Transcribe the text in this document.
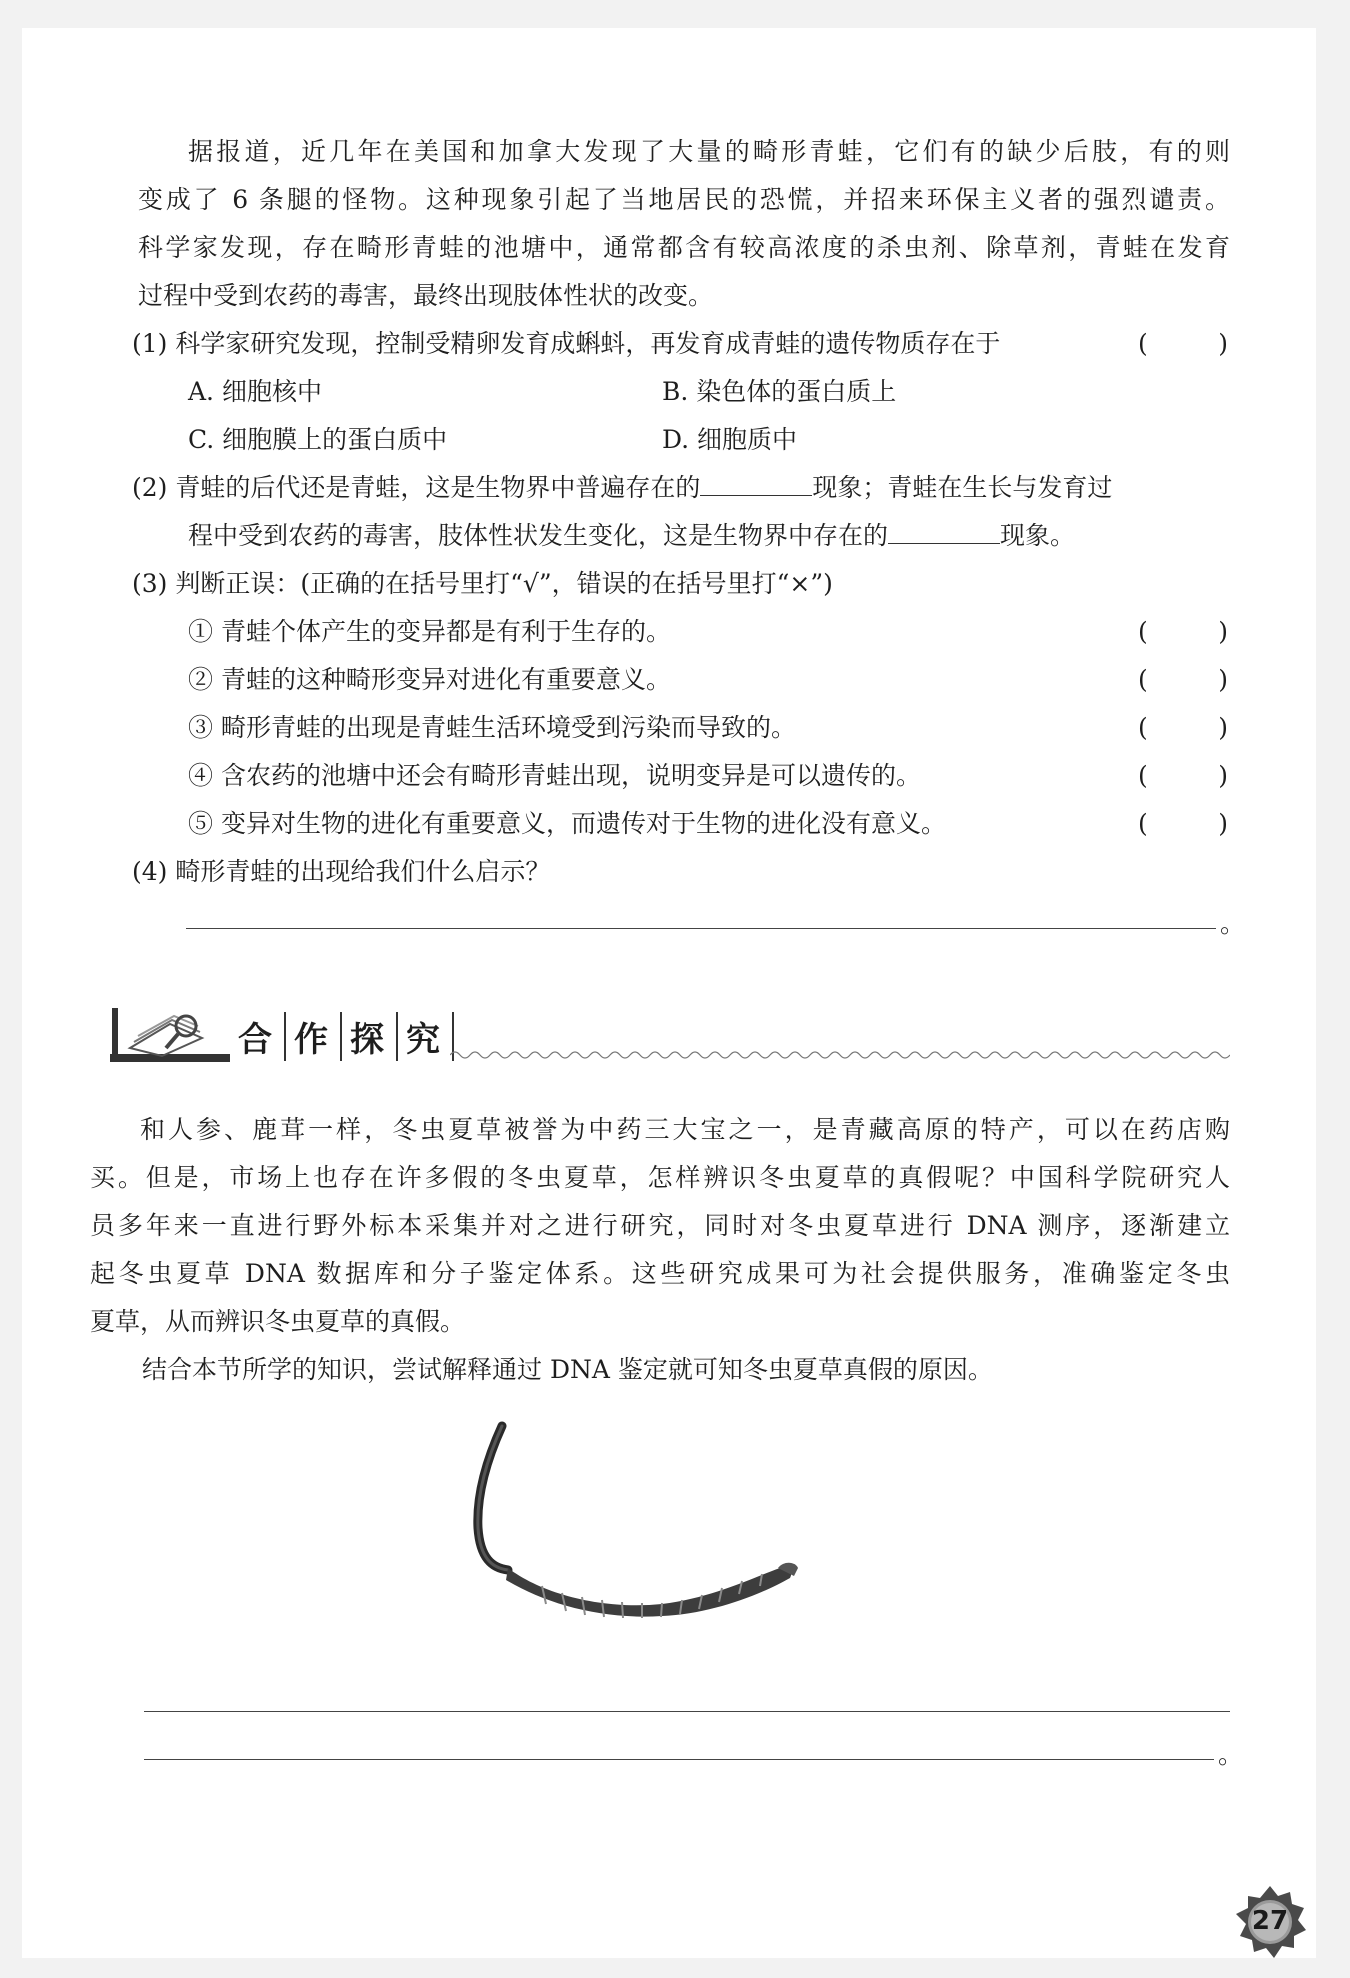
据报道，近几年在美国和加拿大发现了大量的畸形青蛙，它们有的缺少后肢，有的则

变成了 6 条腿的怪物。这种现象引起了当地居民的恐慌，并招来环保主义者的强烈谴责。

科学家发现，存在畸形青蛙的池塘中，通常都含有较高浓度的杀虫剂、除草剂，青蛙在发育

过程中受到农药的毒害，最终出现肢体性状的改变。

(1) 科学家研究发现，控制受精卵发育成蝌蚪，再发育成青蛙的遗传物质存在于	(	)
A. 细胞核中	B. 染色体的蛋白质上
C. 细胞膜上的蛋白质中	D. 细胞质中
(2) 青蛙的后代还是青蛙，这是生物界中普遍存在的	现象；青蛙在生长与发育过
程中受到农药的毒害，肢体性状发生变化，这是生物界中存在的	现象。
(3) 判断正误：(正确的在括号里打“√”，错误的在括号里打“×”)
① 青蛙个体产生的变异都是有利于生存的。	(	)
② 青蛙的这种畸形变异对进化有重要意义。	(	)
③ 畸形青蛙的出现是青蛙生活环境受到污染而导致的。	(	)
④ 含农药的池塘中还会有畸形青蛙出现，说明变异是可以遗传的。	(	)
⑤ 变异对生物的进化有重要意义，而遗传对于生物的进化没有意义。	(	)
(4) 畸形青蛙的出现给我们什么启示？
。
合 作 探 究

和人参、鹿茸一样，冬虫夏草被誉为中药三大宝之一，是青藏高原的特产，可以在药店购

买。但是，市场上也存在许多假的冬虫夏草，怎样辨识冬虫夏草的真假呢？中国科学院研究人

员多年来一直进行野外标本采集并对之进行研究，同时对冬虫夏草进行 DNA 测序，逐渐建立

起冬虫夏草 DNA 数据库和分子鉴定体系。这些研究成果可为社会提供服务，准确鉴定冬虫

夏草，从而辨识冬虫夏草的真假。

结合本节所学的知识，尝试解释通过 DNA 鉴定就可知冬虫夏草真假的原因。
。
27
